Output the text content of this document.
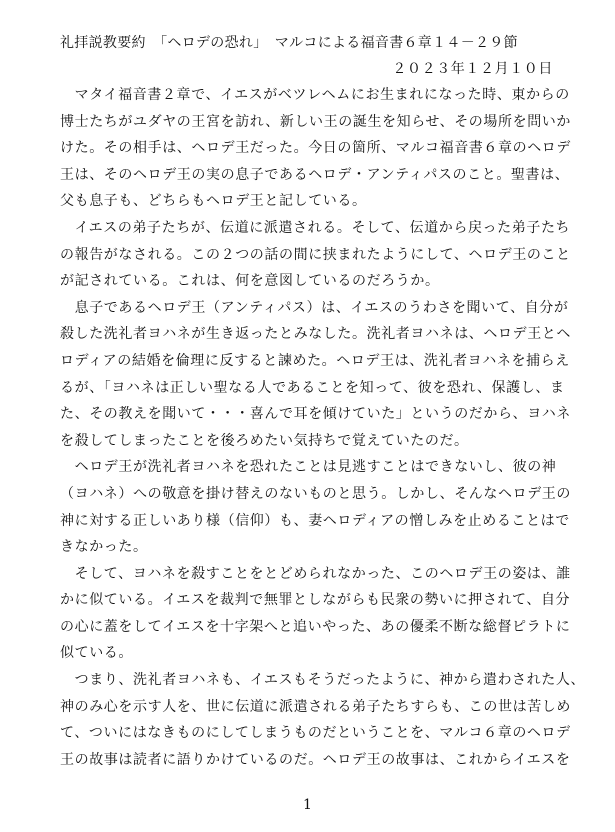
礼拝説教要約　「ヘロデの恐れ」　マルコによる福音書６章１４－２９節
２０２３年１２月１０日
　マタイ福音書２章で、イエスがベツレヘムにお生まれになった時、東からの
博士たちがユダヤの王宮を訪れ、新しい王の誕生を知らせ、その場所を問いか
けた。その相手は、ヘロデ王だった。今日の箇所、マルコ福音書６章のヘロデ
王は、そのヘロデ王の実の息子であるヘロデ・アンティパスのこと。聖書は、
父も息子も、どちらもヘロデ王と記している。
　イエスの弟子たちが、伝道に派遣される。そして、伝道から戻った弟子たち
の報告がなされる。この２つの話の間に挟まれたようにして、ヘロデ王のこと
が記されている。これは、何を意図しているのだろうか。
　息子であるヘロデ王（アンティパス）は、イエスのうわさを聞いて、自分が
殺した洗礼者ヨハネが生き返ったとみなした。洗礼者ヨハネは、ヘロデ王とヘ
ロディアの結婚を倫理に反すると諫めた。ヘロデ王は、洗礼者ヨハネを捕らえ
るが、「ヨハネは正しい聖なる人であることを知って、彼を恐れ、保護し、ま
た、その教えを聞いて・・・喜んで耳を傾けていた」というのだから、ヨハネ
を殺してしまったことを後ろめたい気持ちで覚えていたのだ。
　ヘロデ王が洗礼者ヨハネを恐れたことは見逃すことはできないし、彼の神
（ヨハネ）への敬意を掛け替えのないものと思う。しかし、そんなヘロデ王の
神に対する正しいあり様（信仰）も、妻ヘロディアの憎しみを止めることはで
きなかった。
　そして、ヨハネを殺すことをとどめられなかった、このヘロデ王の姿は、誰
かに似ている。イエスを裁判で無罪としながらも民衆の勢いに押されて、自分
の心に蓋をしてイエスを十字架へと追いやった、あの優柔不断な総督ピラトに
似ている。
　つまり、洗礼者ヨハネも、イエスもそうだったように、神から遣わされた人、
神のみ心を示す人を、世に伝道に派遣される弟子たちすらも、この世は苦しめ
て、ついにはなきものにしてしまうものだということを、マルコ６章のヘロデ
王の故事は読者に語りかけているのだ。ヘロデ王の故事は、これからイエスを
1
